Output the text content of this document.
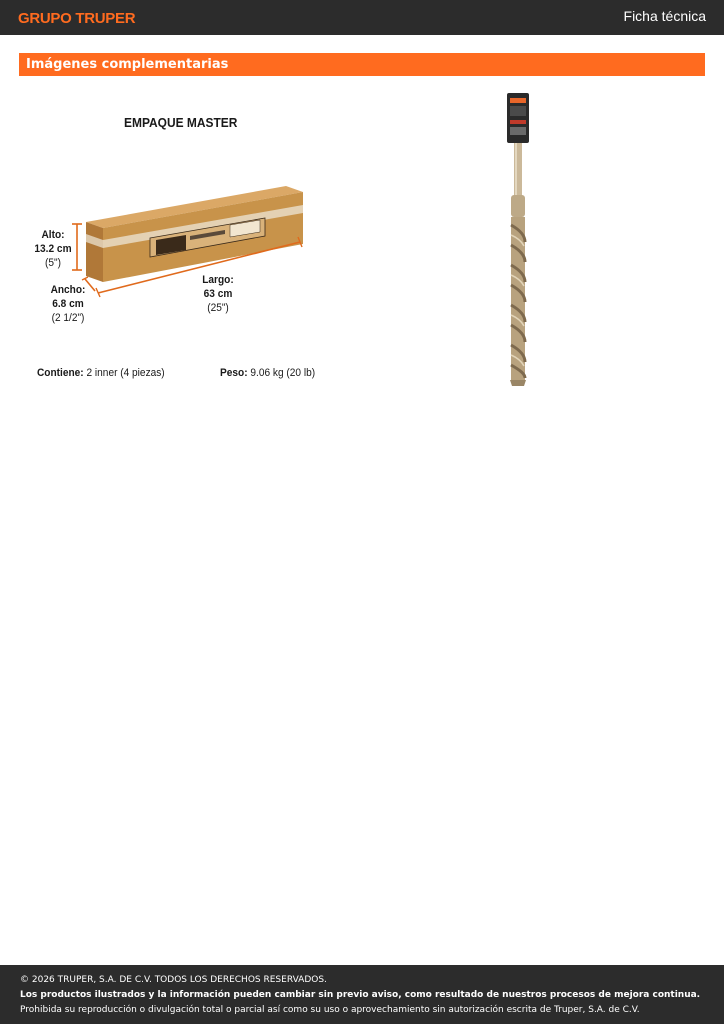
GRUPO TRUPER	Ficha técnica
Imágenes complementarias
EMPAQUE MASTER
Alto:
13.2 cm
(5")
Ancho:
6.8 cm
(2 1/2")
Largo:
63 cm
(25")
Contiene: 2 inner (4 piezas)	Peso: 9.06 kg (20 lb)

© 2026 TRUPER, S.A. DE C.V. TODOS LOS DERECHOS RESERVADOS.

Los productos ilustrados y la información pueden cambiar sin previo aviso, como resultado de nuestros procesos de mejora continua.

Prohibida su reproducción o divulgación total o parcial así como su uso o aprovechamiento sin autorización escrita de Truper, S.A. de C.V.
